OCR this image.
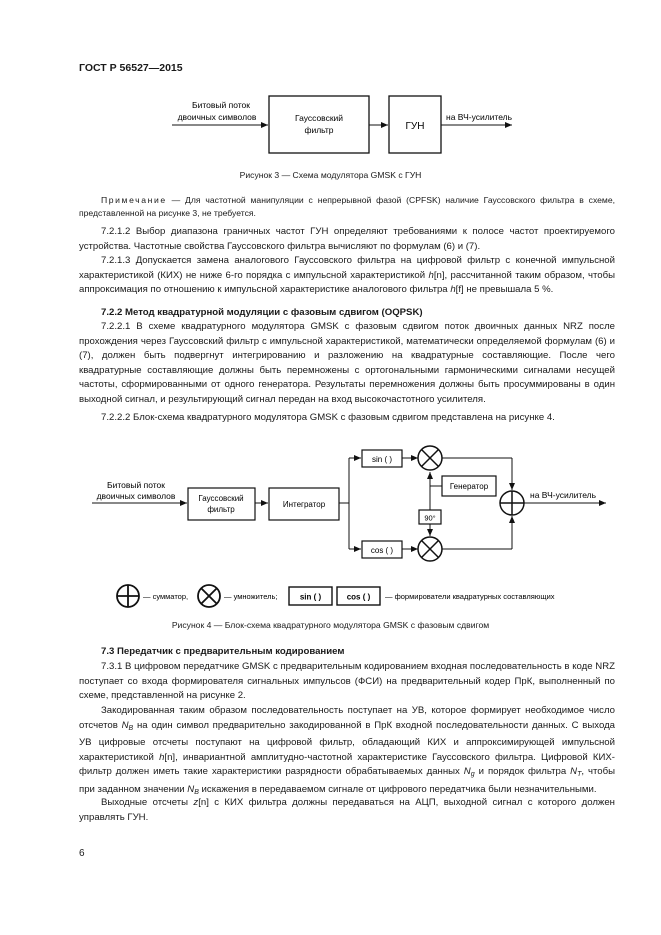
ГОСТ Р 56527—2015
Битовый поток
двоичных символов	Гауссовский
фильтр	ГУН
на ВЧ-усилитель
Рисунок 3 — Схема модулятора GMSK с ГУН

Примечание — Для частотной манипуляции с непрерывной фазой (CPFSK) наличие Гауссовского фильтра в схеме, представленной на рисунке 3, не требуется.

7.2.1.2 Выбор диапазона граничных частот ГУН определяют требованиями к полосе частот проектируемого устройства. Частотные свойства Гауссовского фильтра вычисляют по формулам (6) и (7).

7.2.1.3 Допускается замена аналогового Гауссовского фильтра на цифровой фильтр с конечной импульсной характеристикой (КИХ) не ниже 6-го порядка с импульсной характеристикой h[n], рассчитанной таким образом, чтобы аппроксимация по отношению к импульсной характеристике аналогового фильтра h[f] не превышала 5 %.

7.2.2 Метод квадратурной модуляции с фазовым сдвигом (OQPSK)

7.2.2.1 В схеме квадратурного модулятора GMSK с фазовым сдвигом поток двоичных данных NRZ после прохождения через Гауссовский фильтр с импульсной характеристикой, математически определяемой формулам (6) и (7), должен быть подвергнут интегрированию и разложению на квадратурные составляющие. После чего квадратурные составляющие должны быть перемножены с ортогональными гармоническими сигналами несущей частоты, сформированными от одного генератора. Результаты перемножения должны быть просуммированы в один выходной сигнал, и результирующий сигнал передан на вход высокочастотного усилителя.

7.2.2.2 Блок-схема квадратурного модулятора GMSK с фазовым сдвигом представлена на рисунке 4.

Битовый поток
двоичных символов	Гауссовский
фильтр
Интегратор
sin ( )
cos ( )
Генератор
90°
на ВЧ-усилитель
— сумматор,	— умножитель;	sin ( )	cos ( ) — формирователи квадратурных составляющих
Рисунок 4 — Блок-схема квадратурного модулятора GMSK с фазовым сдвигом

7.3 Передатчик с предварительным кодированием

7.3.1 В цифровом передатчике GMSK с предварительным кодированием входная последовательность в коде NRZ поступает со входа формирователя сигнальных импульсов (ФСИ) на предварительный кодер ПрК, выполненный по схеме, представленной на рисунке 2.

Закодированная таким образом последовательность поступает на УВ, которое формирует необходимое число отсчетов $N_B$ на один символ предварительно закодированной в ПрК входной последовательности данных. С выхода УВ цифровые отсчеты поступают на цифровой фильтр, обладающий КИХ и аппроксимирующей импульсной характеристикой h[n], инвариантной амплитудно-частотной характеристике Гауссовского фильтра. Цифровой КИХ-фильтр должен иметь такие характеристики разрядности обрабатываемых данных $N_g$ и порядок фильтра $N_T$, чтобы при заданном значении $N_B$ искажения в передаваемом сигнале от цифрового передатчика были незначительными.

Выходные отсчеты z[n] с КИХ фильтра должны передаваться на АЦП, выходной сигнал с которого должен управлять ГУН.

6
